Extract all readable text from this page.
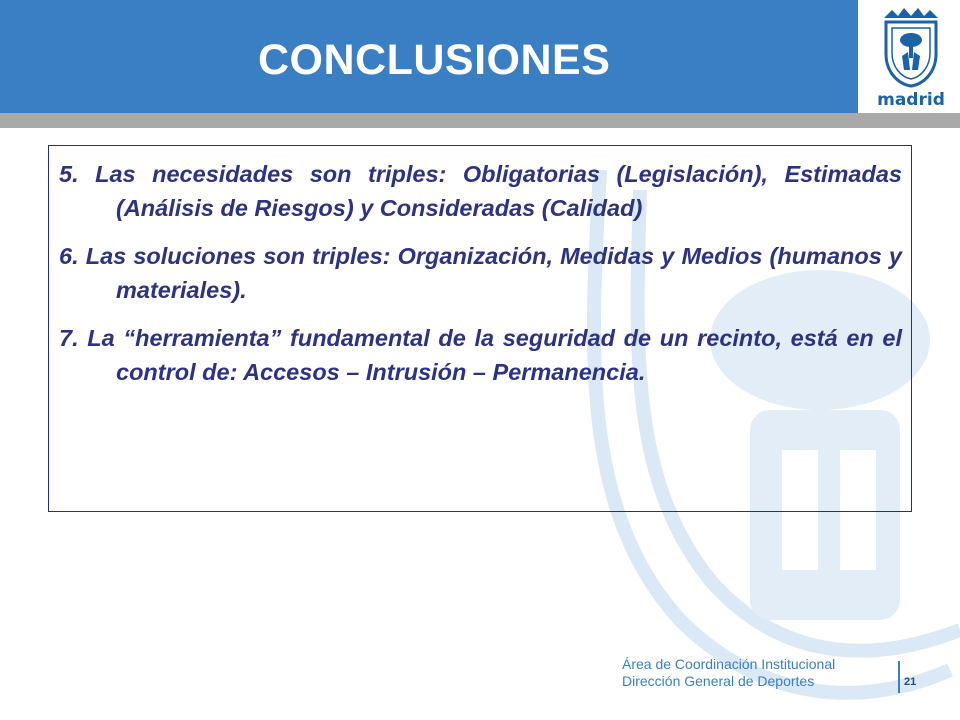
CONCLUSIONES
madrid
5. Las necesidades son triples: Obligatorias (Legislación), Estimadas (Análisis de Riesgos) y Consideradas (Calidad)
6. Las soluciones son triples: Organización, Medidas y Medios (humanos y materiales).
7. La “herramienta” fundamental de la seguridad de un recinto, está en el control de: Accesos – Intrusión – Permanencia.
Área de Coordinación Institucional
Dirección General de Deportes	21
